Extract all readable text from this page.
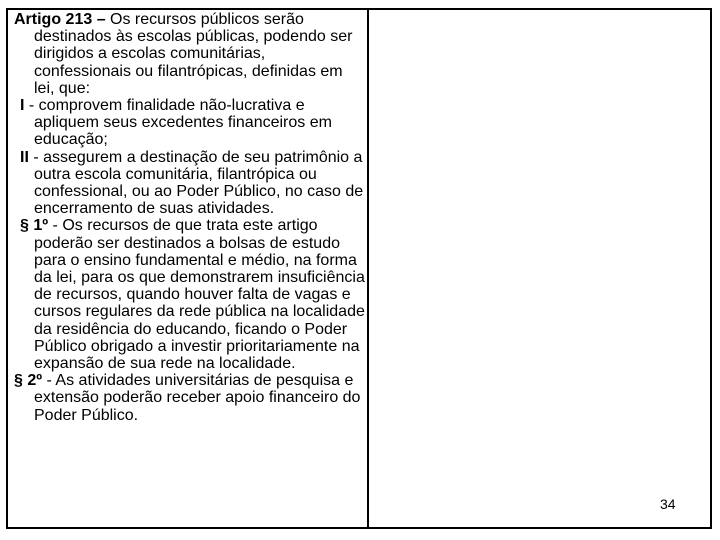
Artigo 213 – Os recursos públicos serão destinados às escolas públicas, podendo ser dirigidos a escolas comunitárias, confessionais ou filantrópicas, definidas em lei, que:

I - comprovem finalidade não-lucrativa e apliquem seus excedentes financeiros em educação;

II - assegurem a destinação de seu patrimônio a outra escola comunitária, filantrópica ou confessional, ou ao Poder Público, no caso de encerramento de suas atividades.

§ 1º - Os recursos de que trata este artigo poderão ser destinados a bolsas de estudo para o ensino fundamental e médio, na forma da lei, para os que demonstrarem insuficiência de recursos, quando houver falta de vagas e cursos regulares da rede pública na localidade da residência do educando, ficando o Poder Público obrigado a investir prioritariamente na expansão de sua rede na localidade.

§ 2º - As atividades universitárias de pesquisa e extensão poderão receber apoio financeiro do Poder Público.

34
